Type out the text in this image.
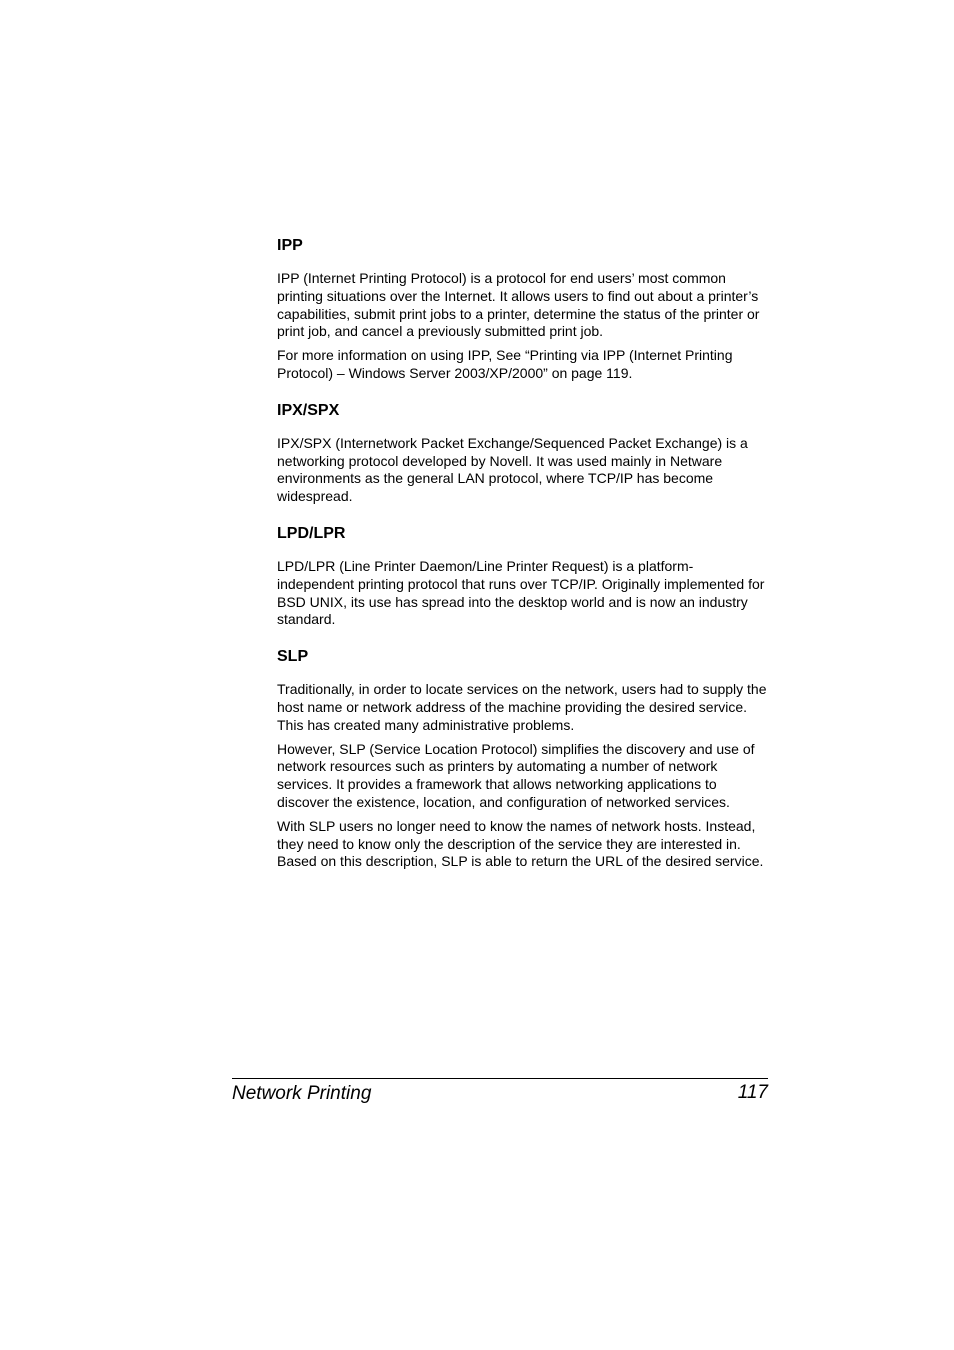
IPP

IPP (Internet Printing Protocol) is a protocol for end users’ most common printing situations over the Internet. It allows users to find out about a printer’s capabilities, submit print jobs to a printer, determine the status of the printer or print job, and cancel a previously submitted print job.

For more information on using IPP, See “Printing via IPP (Internet Printing Protocol) – Windows Server 2003/XP/2000” on page 119.

IPX/SPX

IPX/SPX (Internetwork Packet Exchange/Sequenced Packet Exchange) is a networking protocol developed by Novell. It was used mainly in Netware environments as the general LAN protocol, where TCP/IP has become widespread.

LPD/LPR

LPD/LPR (Line Printer Daemon/Line Printer Request) is a platform-independent printing protocol that runs over TCP/IP. Originally implemented for BSD UNIX, its use has spread into the desktop world and is now an industry standard.

SLP

Traditionally, in order to locate services on the network, users had to supply the host name or network address of the machine providing the desired service. This has created many administrative problems.

However, SLP (Service Location Protocol) simplifies the discovery and use of network resources such as printers by automating a number of network services. It provides a framework that allows networking applications to discover the existence, location, and configuration of networked services.

With SLP users no longer need to know the names of network hosts. Instead, they need to know only the description of the service they are interested in. Based on this description, SLP is able to return the URL of the desired service.

Network Printing	117
